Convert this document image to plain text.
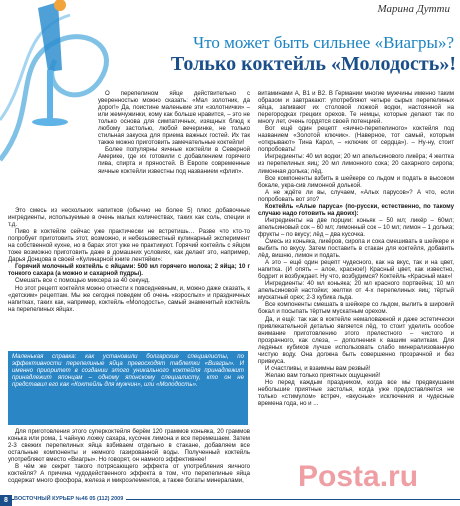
Марина Дутти
Что может быть сильнее «Виагры»?
Только коктейль «Молодость»!

О перепелином яйце действительно с уверенностью можно сказать: «Мал золотник, да дорог!» Да, поистине маленькие эти «золотнички» – или жемчужинки, кому как больше нравится, – это не только основа для симпатичных, изящных блюд к любому застолью, любой вечеринке, не только стильная закуска для приема важных гостей. Их так также можно приготовить замечательные коктейли!

Более популярны яичные коктейли в Северной Америке, где их готовили с добавлением горячего пива, спирта и пряностей. В Европе современные яичные коктейли известны под названием «флип».

Это смесь из нескольких напитков (обычно не более 5) плюс добавочные ингредиенты, используемые в очень малых количествах, таких как соль, специи и т.д.

Пиво в коктейле сейчас уже практически не встретишь… Разве что кто-то попробует приготовить этот, возможно, и небезызвестный кулинарный эксперимент на собственной кухне, но в барах этот уже не практикуют. Горячий коктейль с яйцом тоже возможно приготовить даже в домашних условиях, как делает это, например, Дарья Донцова в своей «Кулинарной книге лентяйки»:

Горячий молочный коктейль с яйцами: 500 мл горячего молока; 2 яйца; 10 г тонкого сахара (а можно и сахарной пудры).

Смешать все с помощью миксера за 40 секунд.

Но этот рецепт коктейля можно отнести к повседневным, и, можно даже сказать, к «детским» рецептам. Мы же сегодня поведем об очень «взрослых» и праздничных напитках, таких как, например, коктейль «Молодость», самый знаменитый коктейль на перепелиных яйцах.

Маленькая справка: как установили болгарские специалисты, по эффективности перепелиные яйца превосходят таблетки «Виагры». И именно приоритет в создании этого уникального коктейля принадлежит принадлежит японцам – одному японскому специалисту, кто он не представил его как «Коктейль для мужчин», или «Молодость».

Для приготовления этого суперкоктейля берём 120 граммов коньяка, 20 граммов конька или рома, 1 чайную ложку сахара, кусочек лимона и все перемешаем. Затем 2-3 свежих перепелиных яйца взбиваем отдельно в стакане, добавляем все остальные компоненты и немного газированной воды. Полученный коктейль употребляют вместо «Виагры». Но говорят, он намного эффективнее!

В чём же секрет такого потрясающего эффекта от употребления яичного коктейля? А причина чудодейственного эффекта в том, что перепелиные яйца содержат много фосфора, железа и микроэлементов, а также богаты минералами,

витаминами А, В1 и В2. В Германии многие мужчины именно таким образом и завтракают: употребляют четыре сырых перепелиных яйца, запивают их столовой ложкой водки, настоянной на перегородках грецких орехов. Те немцы, которые делают так по многу лет, очень гордятся своей потенцией.

Вот ещё один рецепт «яично-перепелиного» коктейля под названием «Золотой ключик». (Наверное, тот самый, которым «открывают» Тина Карол, – «ключик от сердца»). – Ну-ну, стоит попробовать!

Ингредиенты: 40 мл водки; 20 мл апельсинового ликёра; 4 желтка из перепелиных яиц; 20 мл лимонного сока; 20 сахарного сиропа; лимонная долька; лёд.

Все компоненты взбить в шейкере со льдом и подать в высоком бокале, укра-сив лимонной долькой.

А не ждёте ли вы, случаем, «Алых парусов»? А что, если попробовать вот это?

Коктейль «Алые паруса» (по-русски, естественно, по такому случаю надо готовить на двоих):

Ингредиенты на две порции: коньяк – 50 мл; ликёр – 60мл; апельсиновый сок – 60 мл; лимонный сок – 10 мл; лимон – 1 долька; фрукты – по вкусу; лёд – два кусочка.

Смесь из коньяка, ликёров, сиропа и сока смешивать в шейкере и выбить по вкусу. Затем поставить в стакан для коктейля, добавить лёд, вишню, лимон и подать.

А это – ещё один рецепт чудесного, как на вкус, так и на цвет, напитка. (И опять – алое, красное!) Красный цвет, как известно, бодрит и возбуждает. Ну что, возбудимся? Коктейль «Красный мак»!

Ингредиенты: 40 мл коньяка; 20 мл красного портвейна; 10 мл апельсиновой настойки; желтки от 4-х перепелиных яиц; тёртый мускатный орех; 2-3 кубика льда.

Все компоненты смешать в шейкере со льдом, вылить в широкий бокал и посыпать тёртым мускатным орехом.

Да, и ещё: так как в коктейле немаловажной и даже эстетически привлекательной деталью является лёд, то стоит уделить особое внимание приготовлению этого прелестного – чистого и прозрачного, как слеза, – дополнения к вашим напиткам. Для ледяных кубиков лучше использовать слабо минерализованную чистую воду. Она должна быть совершенно прозрачной и без привкуса.

И счастливы, и взаимны вам резвый!

Желаю вам только приятных ощущений!

Но перед каждым праздником, когда все мы предвкушаем небольшие приятные застолья, когда уже предоставляется не только «стимулом» встреч, «вкусные» исключения и чудесные времена года, но и ...

Posta.ru
8	ВОСТОЧНЫЙ КУРЬЕР №46 05 (112) 2009
